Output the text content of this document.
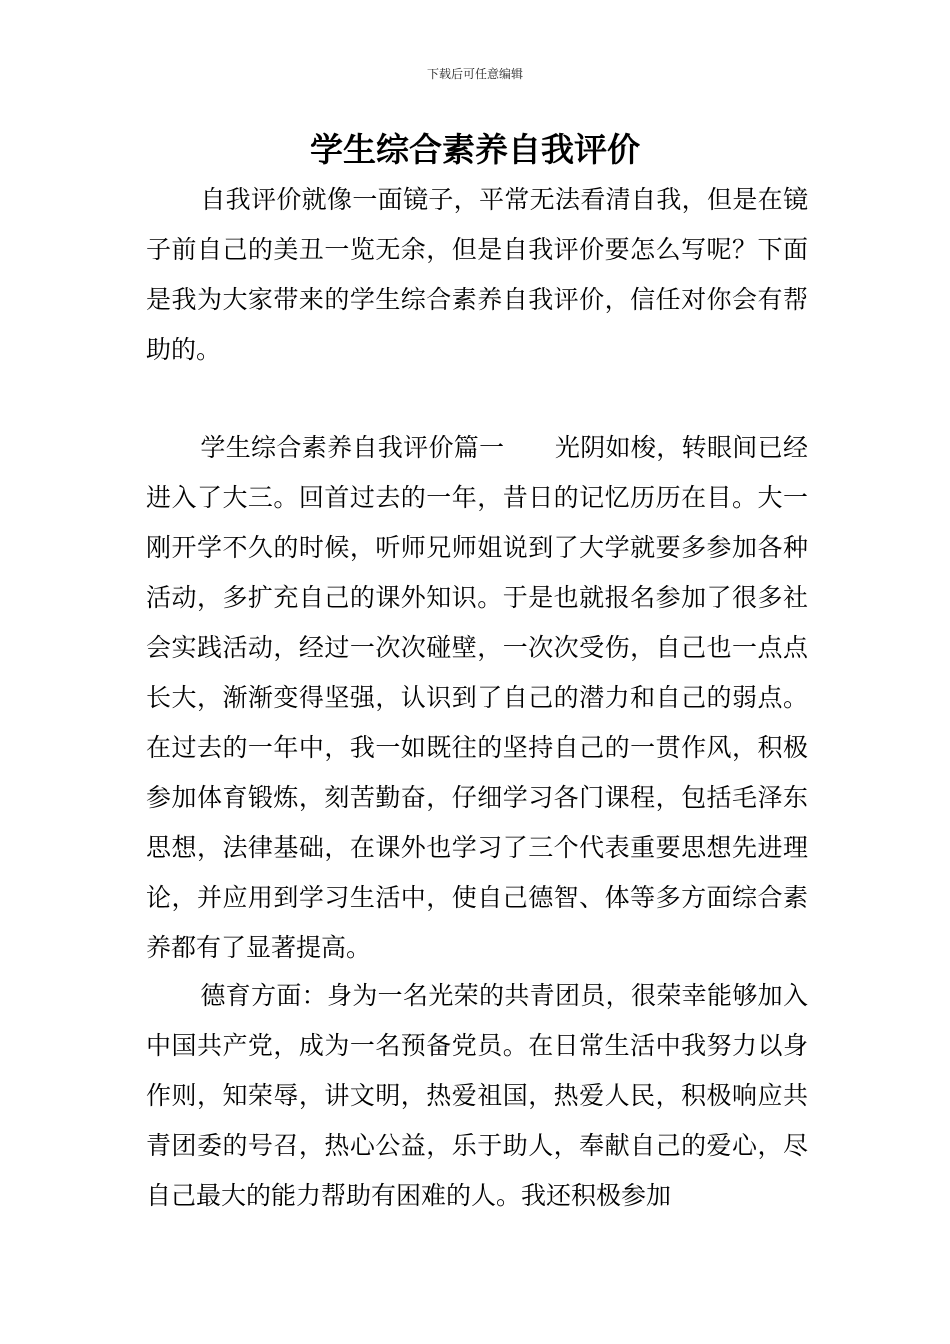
下载后可任意编辑
学生综合素养自我评价

自我评价就像一面镜子，平常无法看清自我，但是在镜子前自己的美丑一览无余，但是自我评价要怎么写呢？下面是我为大家带来的学生综合素养自我评价，信任对你会有帮助的。

学生综合素养自我评价篇一 光阴如梭，转眼间已经进入了大三。回首过去的一年，昔日的记忆历历在目。大一刚开学不久的时候，听师兄师姐说到了大学就要多参加各种活动，多扩充自己的课外知识。于是也就报名参加了很多社会实践活动，经过一次次碰壁，一次次受伤，自己也一点点长大，渐渐变得坚强，认识到了自己的潜力和自己的弱点。在过去的一年中，我一如既往的坚持自己的一贯作风，积极参加体育锻炼，刻苦勤奋，仔细学习各门课程，包括毛泽东思想，法律基础，在课外也学习了三个代表重要思想先进理论，并应用到学习生活中，使自己德智、体等多方面综合素养都有了显著提高。

德育方面：身为一名光荣的共青团员，很荣幸能够加入中国共产党，成为一名预备党员。在日常生活中我努力以身作则，知荣辱，讲文明，热爱祖国，热爱人民，积极响应共青团委的号召，热心公益，乐于助人，奉献自己的爱心，尽自己最大的能力帮助有困难的人。我还积极参加
